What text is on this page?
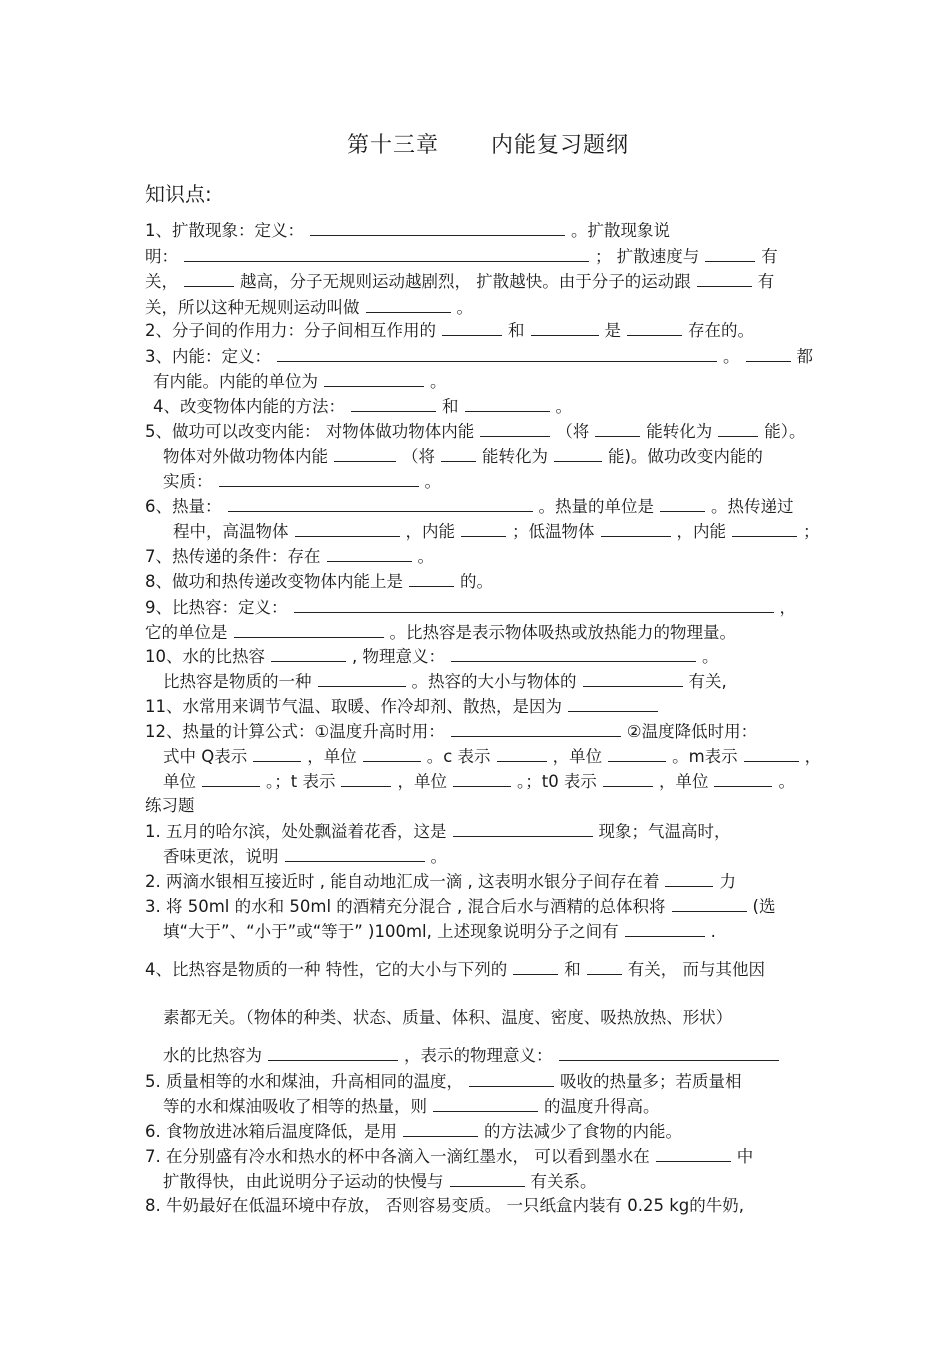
第十三章 内能复习题纲
知识点:
1、扩散现象：定义：	。扩散现象说
明：	； 扩散速度与	有
关，	越高，分子无规则运动越剧烈， 扩散越快。由于分子的运动跟	有
关，所以这种无规则运动叫做	。
2、分子间的作用力：分子间相互作用的	和	是	存在的。
3、内能：定义：	。	都
有内能。内能的单位为	。
4、改变物体内能的方法：	和	。
5、做功可以改变内能： 对物体做功物体内能	（将	能转化为	能）。
物体对外做功物体内能	（将	能转化为	能)。做功改变内能的
实质：	。
6、热量：	。热量的单位是	。热传递过
程中，高温物体	，内能	；低温物体	，内能	；
7、热传递的条件：存在	。
8、做功和热传递改变物体内能上是	的。
9、比热容：定义：	，
它的单位是	。比热容是表示物体吸热或放热能力的物理量。
10、水的比热容	, 物理意义：	。
比热容是物质的一种	。热容的大小与物体的	有关,
11、水常用来调节气温、取暖、作冷却剂、散热，是因为
12、热量的计算公式：①温度升高时用：	②温度降低时用：
式中 Q表示	，单位	。c 表示	，单位	。m表示	，
单位	。；t 表示	，单位	。；t0 表示	，单位	。
练习题
1. 五月的哈尔滨，处处飘溢着花香，这是	现象；气温高时，
香味更浓，说明	。
2. 两滴水银相互接近时 , 能自动地汇成一滴 , 这表明水银分子间存在着	力
3. 将 50ml 的水和 50ml 的酒精充分混合 , 混合后水与酒精的总体积将	(选
填“大于”、“小于”或“等于” )100ml, 上述现象说明分子之间有	.
4、比热容是物质的一种 特性，它的大小与下列的	和	有关， 而与其他因
素都无关。（物体的种类、状态、质量、体积、温度、密度、吸热放热、形状）
水的比热容为	，表示的物理意义：
5. 质量相等的水和煤油，升高相同的温度，	吸收的热量多；若质量相
等的水和煤油吸收了相等的热量，则	的温度升得高。
6. 食物放进冰箱后温度降低，是用	的方法减少了食物的内能。
7. 在分别盛有冷水和热水的杯中各滴入一滴红墨水， 可以看到墨水在	中
扩散得快，由此说明分子运动的快慢与	有关系。
8. 牛奶最好在低温环境中存放， 否则容易变质。 一只纸盒内装有 0.25 kg的牛奶,
